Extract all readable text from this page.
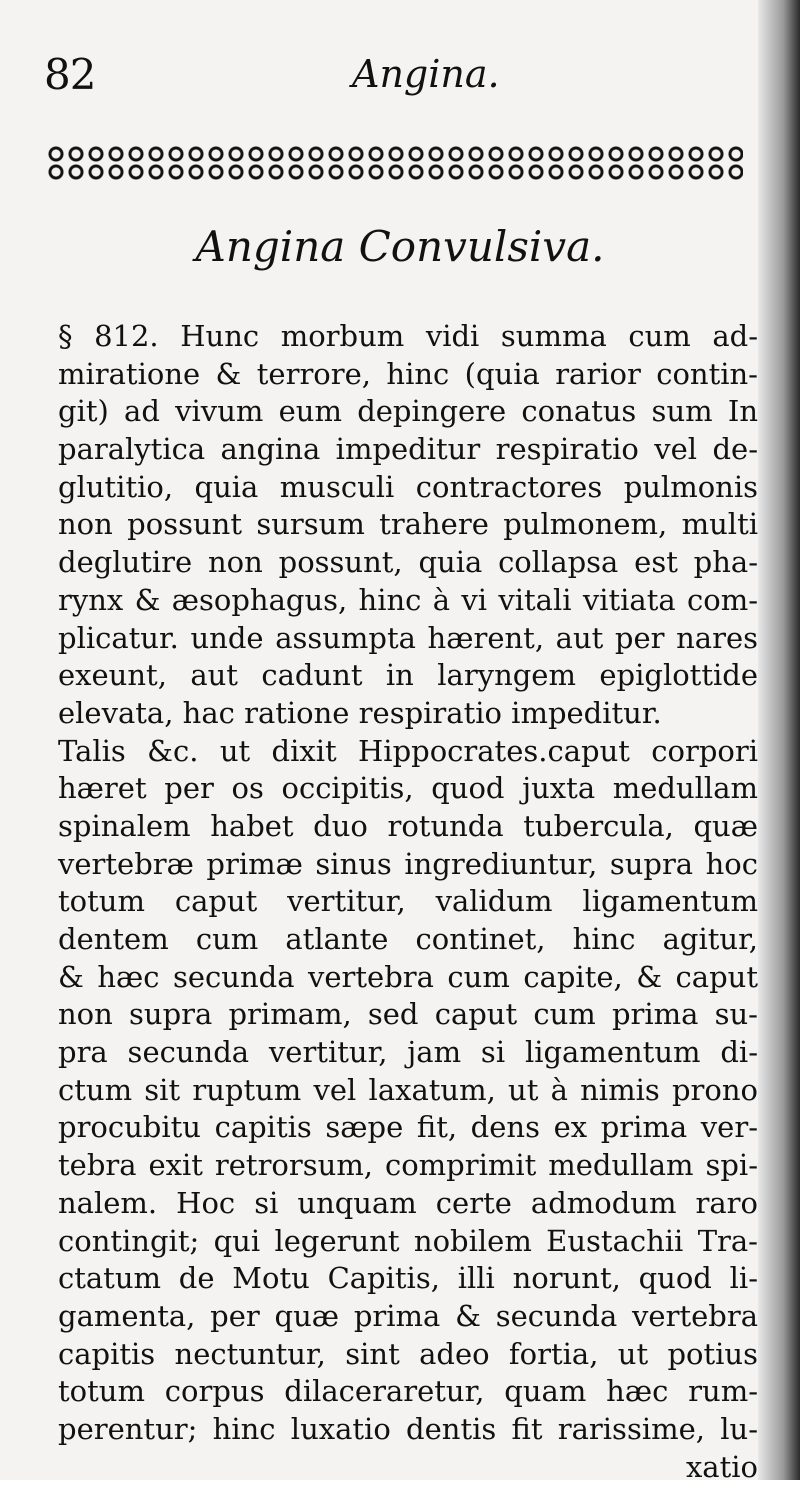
82	Angina.
Angina Convulsiva.
§ 812. Hunc morbum vidi summa cum ad-
miratione & terrore, hinc (quia rarior contin-
git) ad vivum eum depingere conatus sum In
paralytica angina impeditur respiratio vel de-
glutitio, quia musculi contractores pulmonis
non possunt sursum trahere pulmonem, multi
deglutire non possunt, quia collapsa est pha-
rynx & æsophagus, hinc à vi vitali vitiata com-
plicatur. unde assumpta hærent, aut per nares
exeunt, aut cadunt in laryngem epiglottide
elevata, hac ratione respiratio impeditur.
Talis &c. ut dixit Hippocrates.caput corpori
hæret per os occipitis, quod juxta medullam
spinalem habet duo rotunda tubercula, quæ
vertebræ primæ sinus ingrediuntur, supra hoc
totum caput vertitur, validum ligamentum
dentem cum atlante continet, hinc agitur,
& hæc secunda vertebra cum capite, & caput
non supra primam, sed caput cum prima su-
pra secunda vertitur, jam si ligamentum di-
ctum sit ruptum vel laxatum, ut à nimis prono
procubitu capitis sæpe fit, dens ex prima ver-
tebra exit retrorsum, comprimit medullam spi-
nalem. Hoc si unquam certe admodum raro
contingit; qui legerunt nobilem Eustachii Tra-
ctatum de Motu Capitis, illi norunt, quod li-
gamenta, per quæ prima & secunda vertebra
capitis nectuntur, sint adeo fortia, ut potius
totum corpus dilaceraretur, quam hæc rum-
perentur; hinc luxatio dentis fit rarissime, lu-
xatio
